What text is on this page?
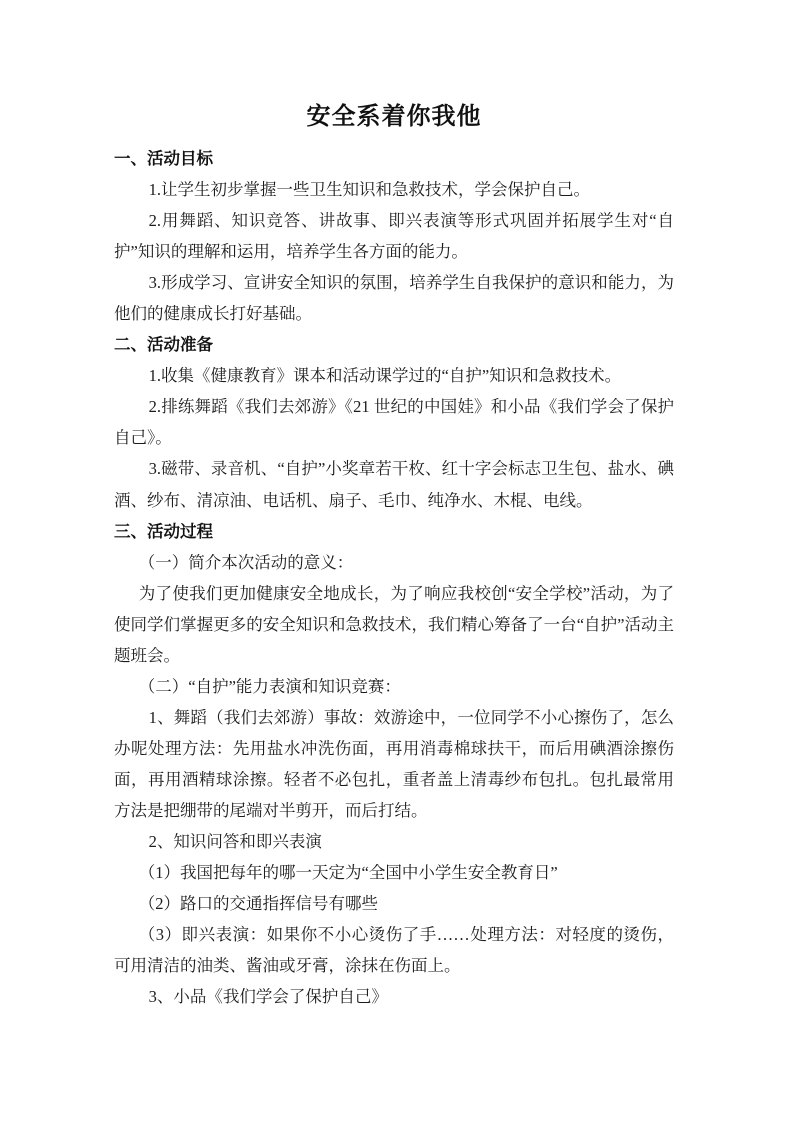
安全系着你我他

一、活动目标

1.让学生初步掌握一些卫生知识和急救技术，学会保护自己。

2.用舞蹈、知识竞答、讲故事、即兴表演等形式巩固并拓展学生对“自护”知识的理解和运用，培养学生各方面的能力。

3.形成学习、宣讲安全知识的氛围，培养学生自我保护的意识和能力，为他们的健康成长打好基础。

二、活动准备

1.收集《健康教育》课本和活动课学过的“自护”知识和急救技术。

2.排练舞蹈《我们去郊游》《21 世纪的中国娃》和小品《我们学会了保护自己》。

3.磁带、录音机、“自护”小奖章若干枚、红十字会标志卫生包、盐水、碘酒、纱布、清凉油、电话机、扇子、毛巾、纯净水、木棍、电线。

三、活动过程

（一）简介本次活动的意义：

为了使我们更加健康安全地成长，为了响应我校创“安全学校”活动，为了使同学们掌握更多的安全知识和急救技术，我们精心筹备了一台“自护”活动主题班会。

（二）“自护”能力表演和知识竞赛：

1、舞蹈（我们去郊游）事故：效游途中，一位同学不小心擦伤了，怎么办呢处理方法：先用盐水冲洗伤面，再用消毒棉球扶干，而后用碘酒涂擦伤面，再用酒精球涂擦。轻者不必包扎，重者盖上清毒纱布包扎。包扎最常用方法是把绷带的尾端对半剪开，而后打结。

2、知识问答和即兴表演

（1）我国把每年的哪一天定为“全国中小学生安全教育日”

（2）路口的交通指挥信号有哪些

（3）即兴表演：如果你不小心烫伤了手……处理方法：对轻度的烫伤，可用清洁的油类、酱油或牙膏，涂抹在伤面上。

3、小品《我们学会了保护自己》
